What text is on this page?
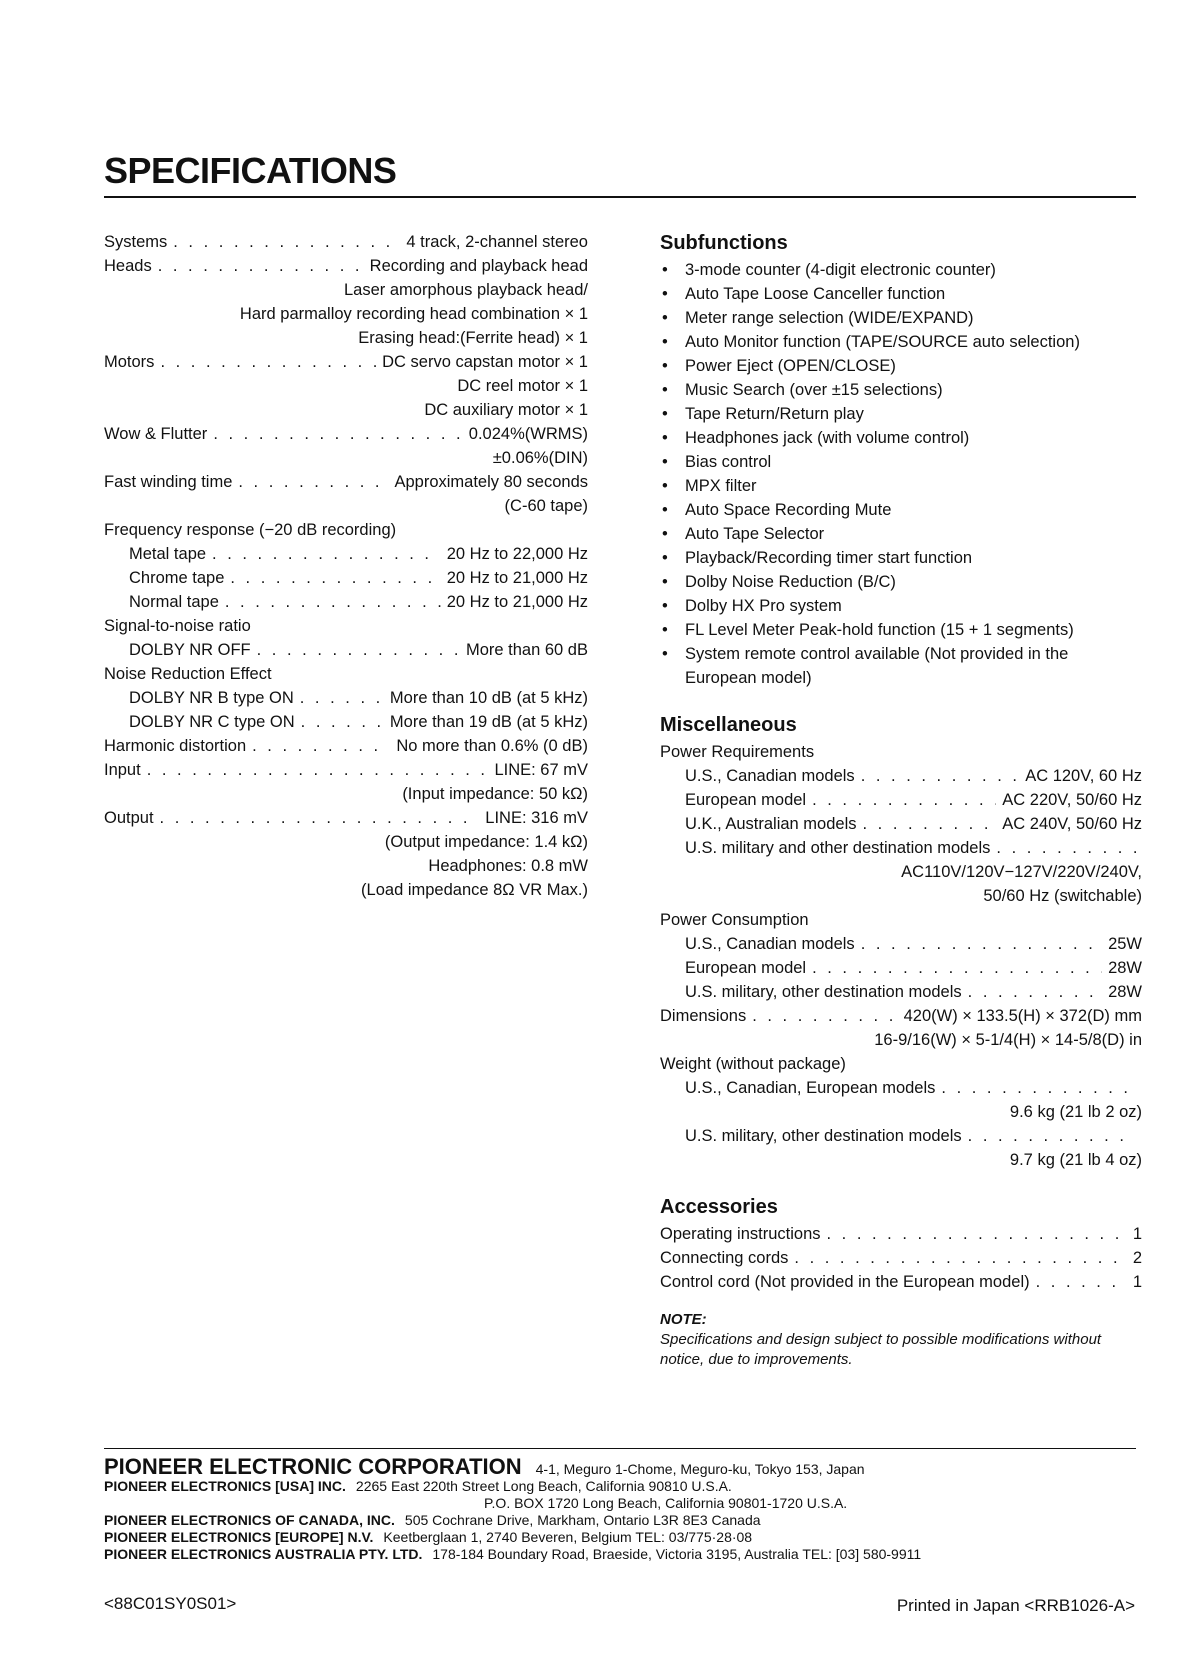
SPECIFICATIONS
Systems . . .	4 track, 2-channel stereo
Heads . . .	Recording and playback head
Laser amorphous playback head/
Hard parmalloy recording head combination × 1
Erasing head:(Ferrite head) × 1
Motors . . .	DC servo capstan motor × 1
DC reel motor × 1
DC auxiliary motor × 1
Wow & Flutter . . .	0.024%(WRMS)
±0.06%(DIN)
Fast winding time . . .	Approximately 80 seconds
(C-60 tape)
Frequency response (−20 dB recording)
Metal tape . . .	20 Hz to 22,000 Hz
Chrome tape . . .	20 Hz to 21,000 Hz
Normal tape . . .	20 Hz to 21,000 Hz
Signal-to-noise ratio
DOLBY NR OFF . . .	More than 60 dB
Noise Reduction Effect
DOLBY NR B type ON . . .	More than 10 dB (at 5 kHz)
DOLBY NR C type ON . . .	More than 19 dB (at 5 kHz)
Harmonic distortion . . .	No more than 0.6% (0 dB)
Input . . .	LINE: 67 mV
(Input impedance: 50 kΩ)
Output . . .	LINE: 316 mV
(Output impedance: 1.4 kΩ)
Headphones: 0.8 mW
(Load impedance 8Ω VR Max.)
Subfunctions
• 3-mode counter (4-digit electronic counter)
• Auto Tape Loose Canceller function
• Meter range selection (WIDE/EXPAND)
• Auto Monitor function (TAPE/SOURCE auto selection)
• Power Eject (OPEN/CLOSE)
• Music Search (over ±15 selections)
• Tape Return/Return play
• Headphones jack (with volume control)
• Bias control
• MPX filter
• Auto Space Recording Mute
• Auto Tape Selector
• Playback/Recording timer start function
• Dolby Noise Reduction (B/C)
• Dolby HX Pro system
• FL Level Meter Peak-hold function (15 + 1 segments)
• System remote control available (Not provided in the European model)
Miscellaneous
Power Requirements
U.S., Canadian models . . .	AC 120V, 60 Hz
European model . . .	AC 220V, 50/60 Hz
U.K., Australian models . . .	AC 240V, 50/60 Hz
U.S. military and other destination models
. . .
AC110V/120V−127V/220V/240V,
50/60 Hz (switchable)
Power Consumption
U.S., Canadian models . . .	25W
European model . . .	28W
U.S. military, other destination models . . .	28W
Dimensions . . .	420(W) × 133.5(H) × 372(D) mm
16-9/16(W) × 5-1/4(H) × 14-5/8(D) in
Weight (without package)
U.S., Canadian, European models
. . .
9.6 kg (21 lb 2 oz)
U.S. military, other destination models
. . .
9.7 kg (21 lb 4 oz)
Accessories
Operating instructions . . .	1
Connecting cords . . .	2
Control cord (Not provided in the European model) . . .	1
NOTE:
Specifications and design subject to possible modifications without notice, due to improvements.
PIONEER ELECTRONIC CORPORATION 4-1, Meguro 1-Chome, Meguro-ku, Tokyo 153, Japan
PIONEER ELECTRONICS [USA] INC. 2265 East 220th Street Long Beach, California 90810 U.S.A.
P.O. BOX 1720 Long Beach, California 90801-1720 U.S.A.
PIONEER ELECTRONICS OF CANADA, INC. 505 Cochrane Drive, Markham, Ontario L3R 8E3 Canada
PIONEER ELECTRONICS [EUROPE] N.V. Keetberglaan 1, 2740 Beveren, Belgium TEL: 03/775·28·08
PIONEER ELECTRONICS AUSTRALIA PTY. LTD. 178-184 Boundary Road, Braeside, Victoria 3195, Australia TEL: [03] 580-9911
<88C01SY0S01>	Printed in Japan <RRB1026-A>
